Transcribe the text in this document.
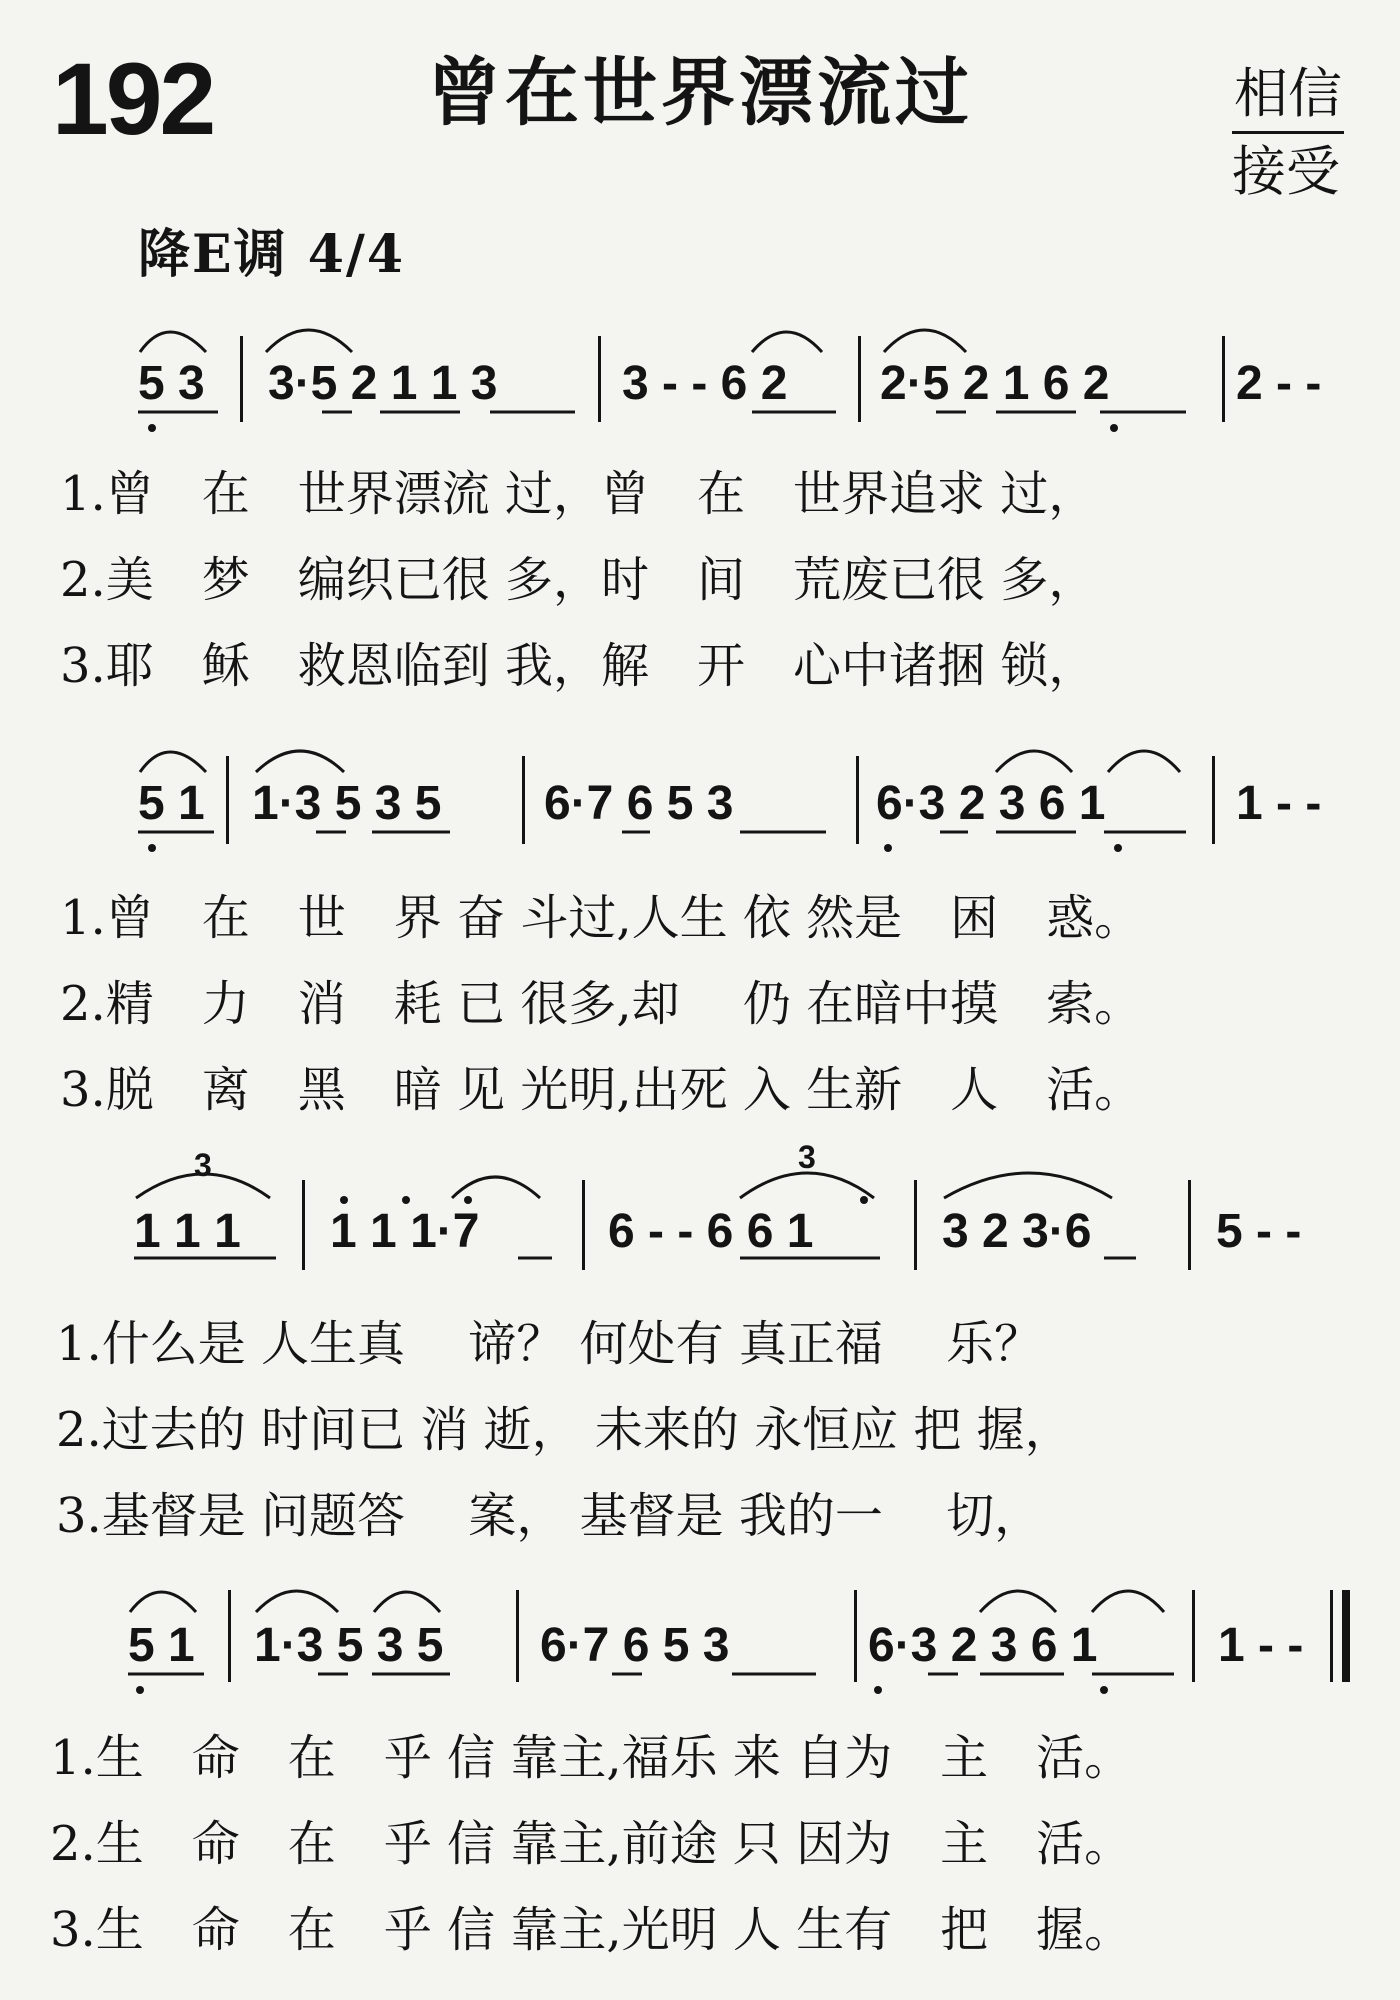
192	曾在世界漂流过	相信
接受
降E调 4/4
5 3 3·5 2 1 1 3	3 - - 6 2 2·5 2 1 6 2	2 - -
1.曾　在　世界漂流 过，曾　在　世界追求 过，
2.美　梦　编织已很 多，时　间　荒废已很 多，
3.耶　稣　救恩临到 我，解　开　心中诸捆 锁，
5 1 1·3 5 3 5 6·7 6 5 3	6·3 2 3 6 1	1 - -
1.曾　在　世　界 奋 斗过,人生 依 然是　困　惑。
2.精　力　消　耗 已 很多,却　 仍 在暗中摸　索。
3.脱　离　黑　暗 见 光明,出死 入 生新　人　活。
1 1 1 1 1 1·7	6 - - 6 6 1	3 2 3·6	5 - -
1.什么是 人生真　 谛？ 何处有 真正福　 乐？
2.过去的 时间已 消 逝， 未来的 永恒应 把 握，
3.基督是 问题答　 案， 基督是 我的一　 切，
5 1 1·3 5 3 5 6·7 6 5 3	6·3 2 3 6 1	1 - -
1.生　命　在　乎 信 靠主,福乐 来 自为　主　活。
2.生　命　在　乎 信 靠主,前途 只 因为　主　活。
3.生　命　在　乎 信 靠主,光明 人 生有　把　握。
3	3
